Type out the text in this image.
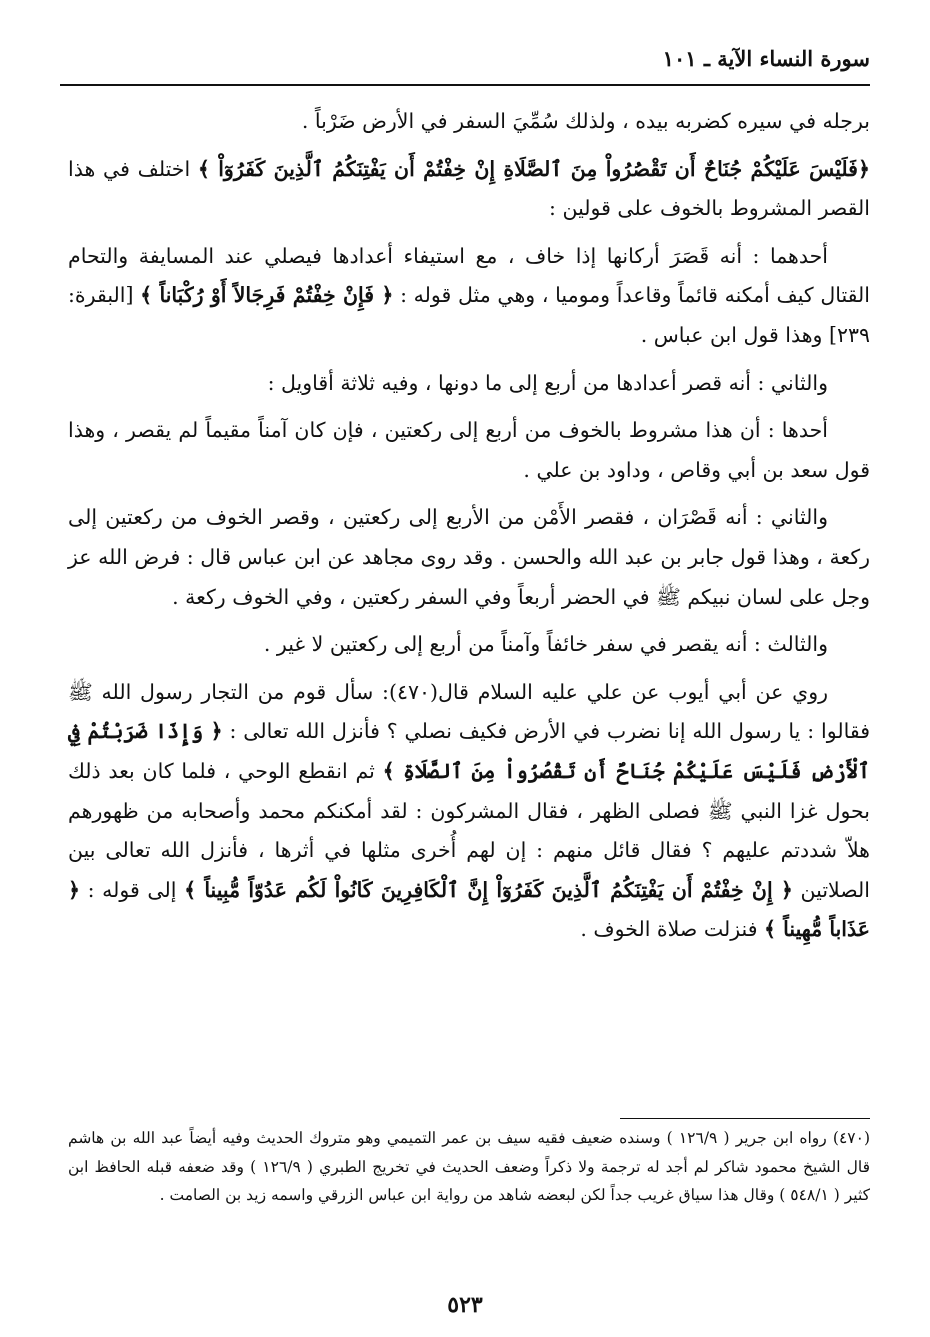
سورة النساء الآية ـ ١٠١

برجله في سيره كضربه بيده ، ولذلك سُمِّيَ السفر في الأرض ضَرْباً .

﴿فَلَيْسَ عَلَيْكُمْ جُنَاحٌ أَن تَقْصُرُواْ مِنَ ٱلصَّلَاةِ إِنْ خِفْتُمْ أَن يَفْتِنَكُمُ ٱلَّذِينَ كَفَرُوٓاْ ﴾ اختلف في هذا القصر المشروط بالخوف على قولين :

أحدهما : أنه قَصَرَ أركانها إذا خاف ، مع استيفاء أعدادها فيصلي عند المسايفة والتحام القتال كيف أمكنه قائماً وقاعداً وموميا ، وهي مثل قوله : ﴿ فَإِنْ خِفْتُمْ فَرِجَالاً أَوْ رُكْبَاناً ﴾ [البقرة: ٢٣٩] وهذا قول ابن عباس .

والثاني : أنه قصر أعدادها من أربع إلى ما دونها ، وفيه ثلاثة أقاويل :

أحدها : أن هذا مشروط بالخوف من أربع إلى ركعتين ، فإن كان آمناً مقيماً لم يقصر ، وهذا قول سعد بن أبي وقاص ، وداود بن علي .

والثاني : أنه قَصْرَان ، فقصر الأَمْن من الأربع إلى ركعتين ، وقصر الخوف من ركعتين إلى ركعة ، وهذا قول جابر بن عبد الله والحسن . وقد روى مجاهد عن ابن عباس قال : فرض الله عز وجل على لسان نبيكم ﷺ في الحضر أربعاً وفي السفر ركعتين ، وفي الخوف ركعة .

والثالث : أنه يقصر في سفر خائفاً وآمناً من أربع إلى ركعتين لا غير .

روي عن أبي أيوب عن علي عليه السلام قال(٤٧٠): سأل قوم من التجار رسول الله ﷺ فقالوا : يا رسول الله إنا نضرب في الأرض فكيف نصلي ؟ فأنزل الله تعالى : ﴿ وَإِذَا ضَرَبْتُمْ فِي ٱلْأَرْضِ فَلَيْسَ عَلَيْكُمْ جُنَاحٌ أَن تَقْصُرُواْ مِنَ ٱلصَّلَاةِ ﴾ ثم انقطع الوحي ، فلما كان بعد ذلك بحول غزا النبي ﷺ فصلى الظهر ، فقال المشركون : لقد أمكنكم محمد وأصحابه من ظهورهم هلاّ شددتم عليهم ؟ فقال قائل منهم : إن لهم أُخرى مثلها في أثرها ، فأنزل الله تعالى بين الصلاتين ﴿ إِنْ خِفْتُمْ أَن يَفْتِنَكُمُ ٱلَّذِينَ كَفَرُوٓاْ إِنَّ ٱلْكَافِرِينَ كَانُواْ لَكُم عَدُوّاً مُّبِيناً ﴾ إلى قوله : ﴿ عَذَاباً مُّهِيناً ﴾ فنزلت صلاة الخوف .

(٤٧٠) رواه ابن جرير ( ١٢٦/٩ ) وسنده ضعيف فقيه سيف بن عمر التميمي وهو متروك الحديث وفيه أيضاً عبد الله بن هاشم قال الشيخ محمود شاكر لم أجد له ترجمة ولا ذكراً وضعف الحديث في تخريج الطبري ( ١٢٦/٩ ) وقد ضعفه قبله الحافظ ابن كثير ( ٥٤٨/١ ) وقال هذا سياق غريب جداً لكن لبعضه شاهد من رواية ابن عباس الزرقي واسمه زيد بن الصامت .

٥٢٣
